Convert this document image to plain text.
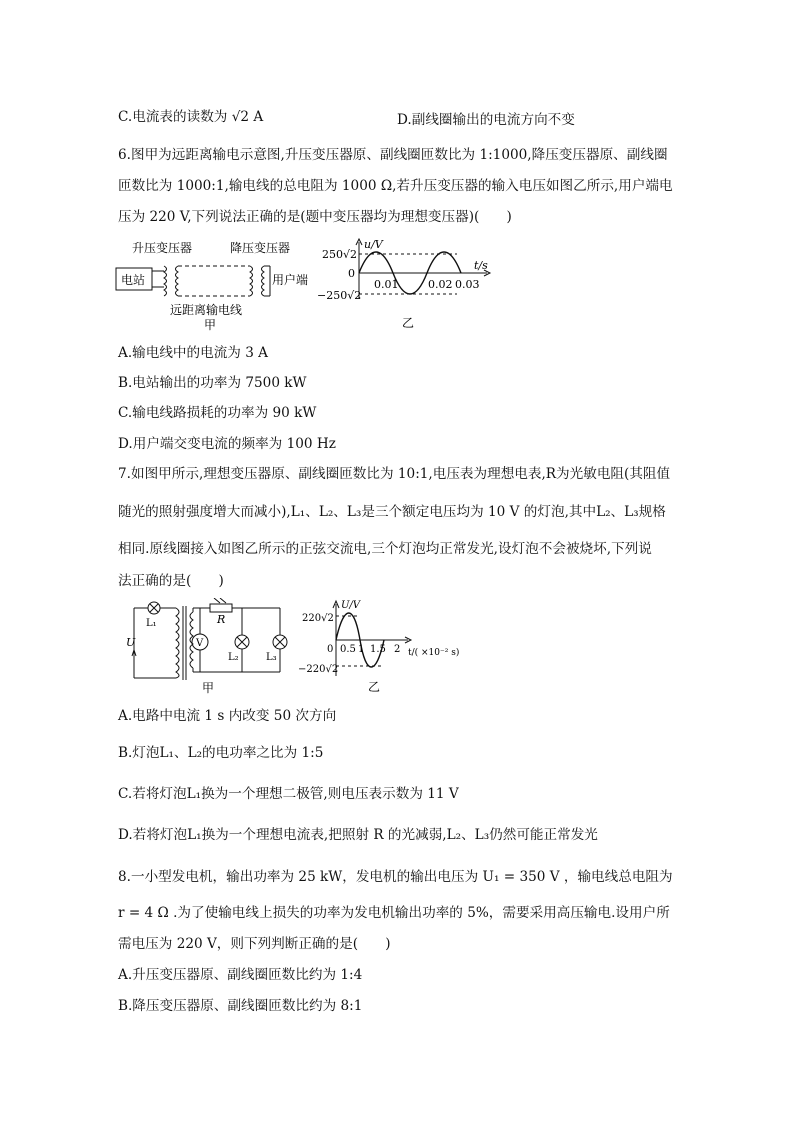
C.电流表的读数为 √2 A	D.副线圈输出的电流方向不变
6.图甲为远距离输电示意图,升压变压器原、副线圈匝数比为 1:1000,降压变压器原、副线圈
匝数比为 1000:1,输电线的总电阻为 1000 Ω,若升压变压器的输入电压如图乙所示,用户端电
压为 220 V,下列说法正确的是(题中变压器均为理想变压器)(　　)
升压变压器	降压变压器
电站	用户端
远距离输电线
甲
u/V
t/s
250√2
0
−250√2
0.01	0.02 0.03
乙
A.输电线中的电流为 3 A
B.电站输出的功率为 7500 kW
C.输电线路损耗的功率为 90 kW
D.用户端交变电流的频率为 100 Hz
7.如图甲所示,理想变压器原、副线圈匝数比为 10:1,电压表为理想电表,R为光敏电阻(其阻值
随光的照射强度增大而减小),L₁、L₂、L₃是三个额定电压均为 10 V 的灯泡,其中L₂、L₃规格
相同.原线圈接入如图乙所示的正弦交流电,三个灯泡均正常发光,设灯泡不会被烧坏,下列说
法正确的是(　　)
L₁
U	V
R
L₂	L₃
甲
U/V
t/( ×10⁻² s)
220√2
0
−220√2
0.5 1 1.5 2
乙
A.电路中电流 1 s 内改变 50 次方向
B.灯泡L₁、L₂的电功率之比为 1:5
C.若将灯泡L₁换为一个理想二极管,则电压表示数为 11 V
D.若将灯泡L₁换为一个理想电流表,把照射 R 的光减弱,L₂、L₃仍然可能正常发光
8.一小型发电机，输出功率为 25 kW，发电机的输出电压为 U₁ = 350 V ，输电线总电阻为
r = 4 Ω .为了使输电线上损失的功率为发电机输出功率的 5%，需要采用高压输电.设用户所
需电压为 220 V，则下列判断正确的是(　　)
A.升压变压器原、副线圈匝数比约为 1:4
B.降压变压器原、副线圈匝数比约为 8:1
